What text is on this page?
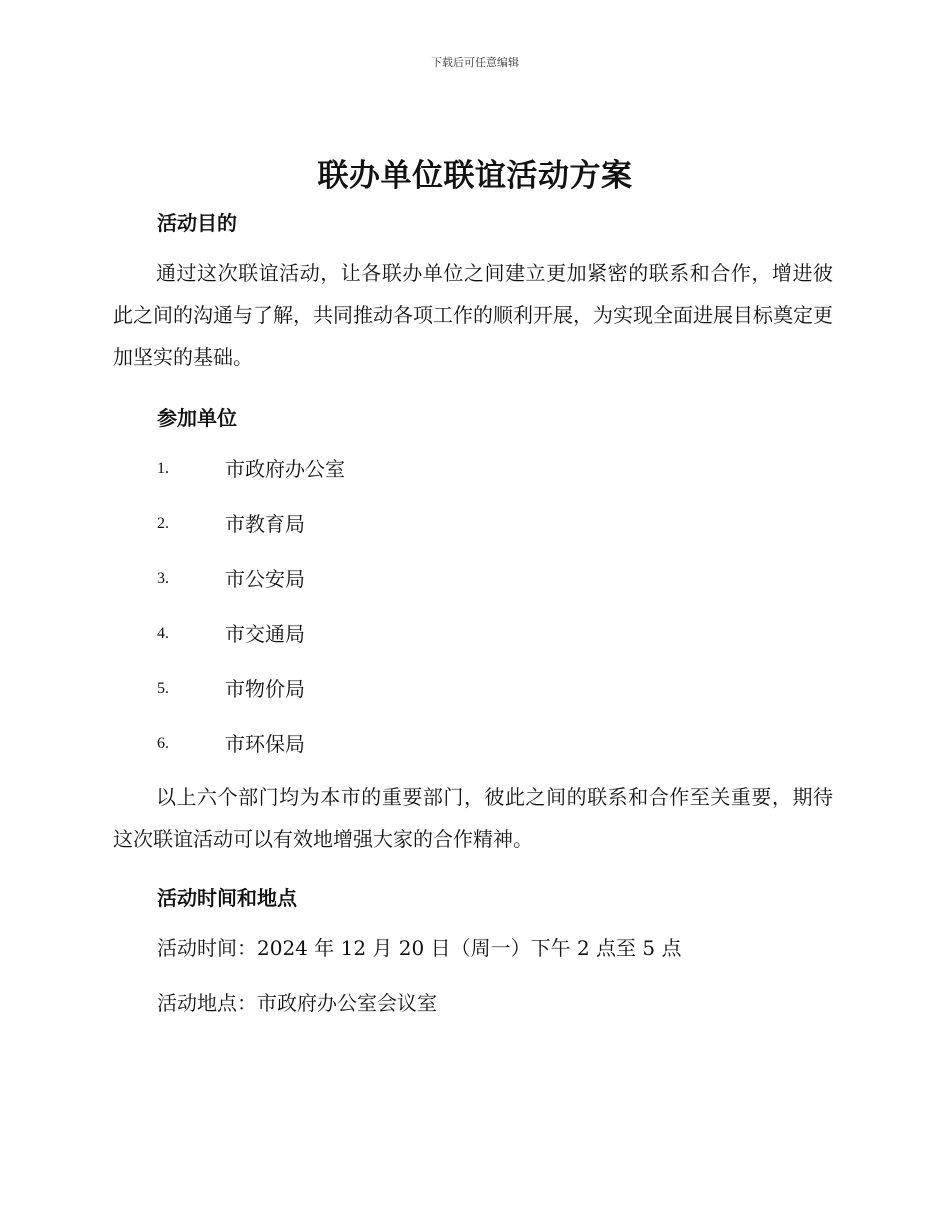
下载后可任意编辑
联办单位联谊活动方案
活动目的

通过这次联谊活动，让各联办单位之间建立更加紧密的联系和合作，增进彼此之间的沟通与了解，共同推动各项工作的顺利开展，为实现全面进展目标奠定更加坚实的基础。

参加单位
1.	市政府办公室
2.	市教育局
3.	市公安局
4.	市交通局
5.	市物价局
6.	市环保局

以上六个部门均为本市的重要部门，彼此之间的联系和合作至关重要，期待这次联谊活动可以有效地增强大家的合作精神。

活动时间和地点

活动时间：2024 年 12 月 20 日（周一）下午 2 点至 5 点

活动地点：市政府办公室会议室
